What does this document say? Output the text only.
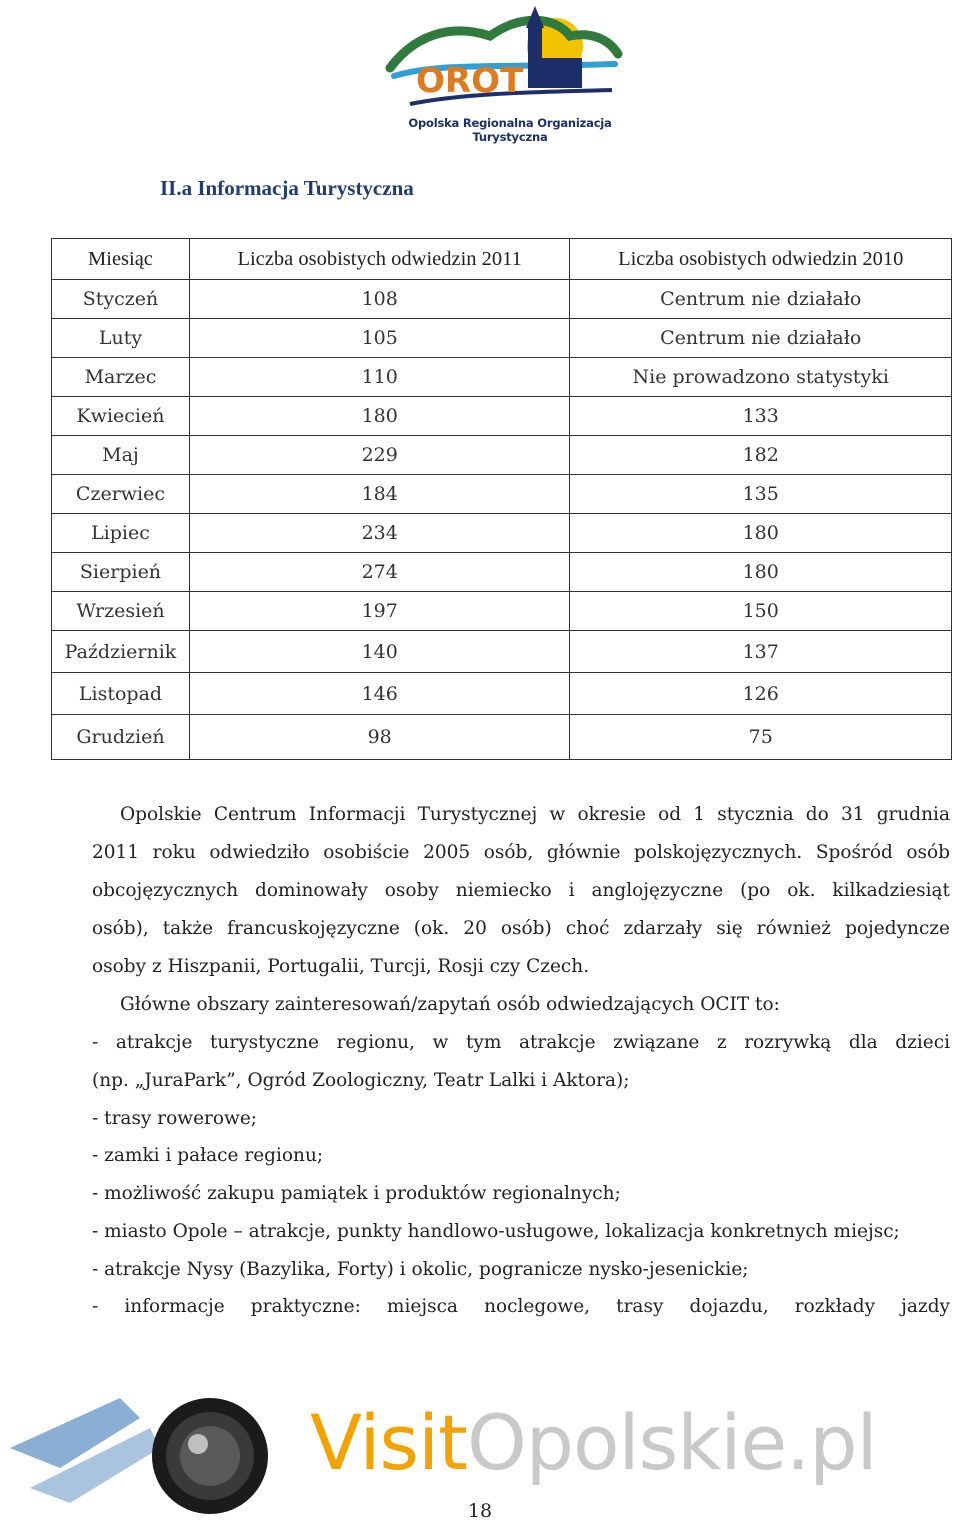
OROT
Opolska Regionalna Organizacja Turystyczna
II.a Informacja Turystyczna
Miesiąc	Liczba osobistych odwiedzin 2011	Liczba osobistych odwiedzin 2010
Styczeń	108	Centrum nie działało
Luty	105	Centrum nie działało
Marzec	110	Nie prowadzono statystyki
Kwiecień	180	133
Maj	229	182
Czerwiec	184	135
Lipiec	234	180
Sierpień	274	180
Wrzesień	197	150
Październik	140	137
Listopad	146	126
Grudzień	98	75
Opolskie Centrum Informacji Turystycznej w okresie od 1 stycznia do 31 grudnia
2011 roku odwiedziło osobiście 2005 osób, głównie polskojęzycznych. Spośród osób
obcojęzycznych dominowały osoby niemiecko i anglojęzyczne (po ok. kilkadziesiąt
osób), także francuskojęzyczne (ok. 20 osób) choć zdarzały się również pojedyncze
osoby z Hiszpanii, Portugalii, Turcji, Rosji czy Czech.
Główne obszary zainteresowań/zapytań osób odwiedzających OCIT to:
- atrakcje turystyczne regionu, w tym atrakcje związane z rozrywką dla dzieci
(np. „JuraPark”, Ogród Zoologiczny, Teatr Lalki i Aktora);
- trasy rowerowe;
- zamki i pałace regionu;
- możliwość zakupu pamiątek i produktów regionalnych;
- miasto Opole – atrakcje, punkty handlowo-usługowe, lokalizacja konkretnych miejsc;
- atrakcje Nysy (Bazylika, Forty) i okolic, pogranicze nysko-jesenickie;
- informacje praktyczne: miejsca noclegowe, trasy dojazdu, rozkłady jazdy
VisitOpolskie.pl
18
